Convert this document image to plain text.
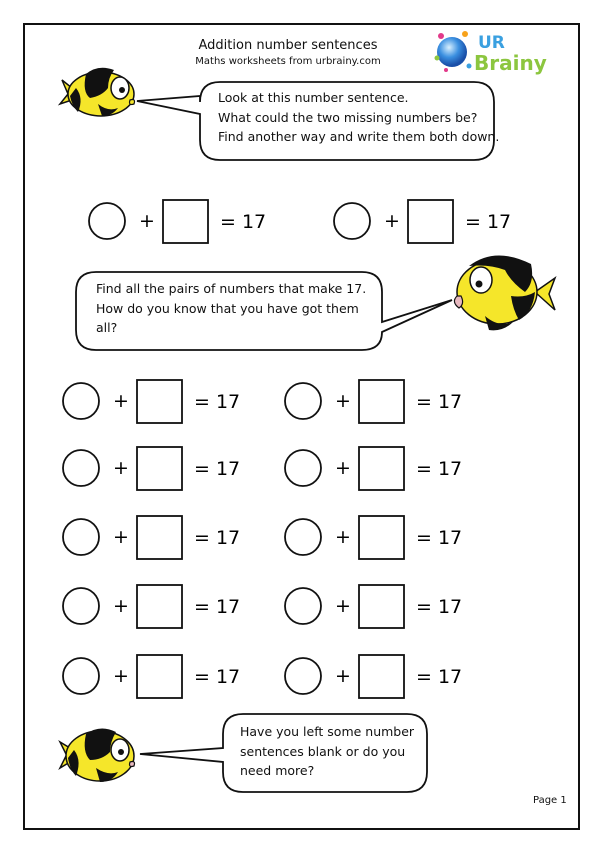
Addition number sentences
Maths worksheets from urbrainy.com
UR
Brainy
+	= 17	+	= 17
+	= 17	+	= 17
+	= 17	+	= 17
+	= 17	+	= 17
+	= 17	+	= 17
+	= 17	+	= 17
Look at this number sentence.
What could the two missing numbers be?
Find another way and write them both down.
Find all the pairs of numbers that make 17.
How do you know that you have got them
all?
Have you left some number
sentences blank or do you
need more?
Page 1
